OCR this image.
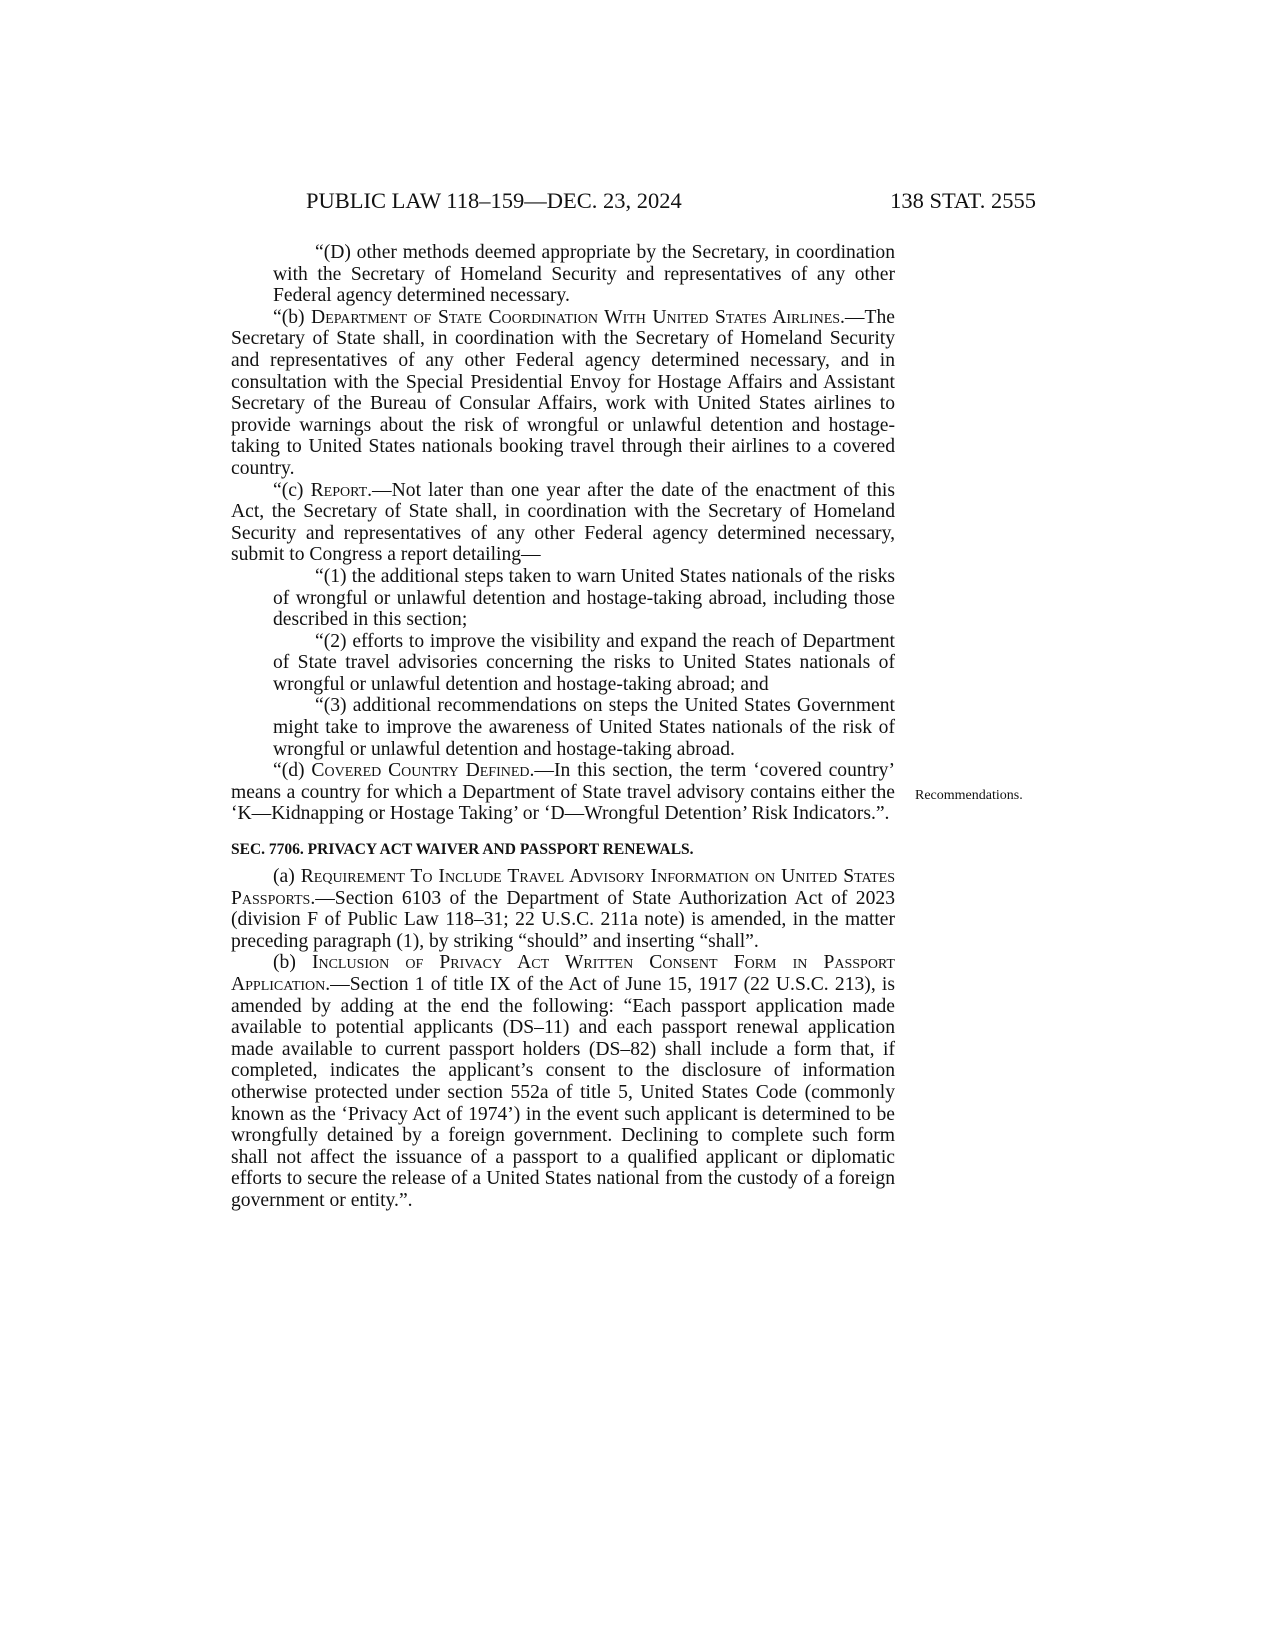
PUBLIC LAW 118–159—DEC. 23, 2024	138 STAT. 2555

“(D) other methods deemed appropriate by the Secretary, in coordination with the Secretary of Homeland Security and representatives of any other Federal agency determined necessary.

“(b) Department of State Coordination With United States Airlines.—The Secretary of State shall, in coordination with the Secretary of Homeland Security and representatives of any other Federal agency determined necessary, and in consultation with the Special Presidential Envoy for Hostage Affairs and Assistant Secretary of the Bureau of Consular Affairs, work with United States airlines to provide warnings about the risk of wrongful or unlawful detention and hostage-taking to United States nationals booking travel through their airlines to a covered country.

“(c) Report.—Not later than one year after the date of the enactment of this Act, the Secretary of State shall, in coordination with the Secretary of Homeland Security and representatives of any other Federal agency determined necessary, submit to Congress a report detailing—

“(1) the additional steps taken to warn United States nationals of the risks of wrongful or unlawful detention and hostage-taking abroad, including those described in this section;

“(2) efforts to improve the visibility and expand the reach of Department of State travel advisories concerning the risks to United States nationals of wrongful or unlawful detention and hostage-taking abroad; and

“(3) additional recommendations on steps the United States Government might take to improve the awareness of United States nationals of the risk of wrongful or unlawful detention and hostage-taking abroad.

“(d) Covered Country Defined.—In this section, the term ‘covered country’ means a country for which a Department of State travel advisory contains either the ‘K—Kidnapping or Hostage Taking’ or ‘D—Wrongful Detention’ Risk Indicators.”.

SEC. 7706. PRIVACY ACT WAIVER AND PASSPORT RENEWALS.

(a) Requirement To Include Travel Advisory Information on United States Passports.—Section 6103 of the Department of State Authorization Act of 2023 (division F of Public Law 118–31; 22 U.S.C. 211a note) is amended, in the matter preceding paragraph (1), by striking “should” and inserting “shall”.

(b) Inclusion of Privacy Act Written Consent Form in Passport Application.—Section 1 of title IX of the Act of June 15, 1917 (22 U.S.C. 213), is amended by adding at the end the following: “Each passport application made available to potential applicants (DS–11) and each passport renewal application made available to current passport holders (DS–82) shall include a form that, if completed, indicates the applicant’s consent to the disclosure of information otherwise protected under section 552a of title 5, United States Code (commonly known as the ‘Privacy Act of 1974’) in the event such applicant is determined to be wrongfully detained by a foreign government. Declining to complete such form shall not affect the issuance of a passport to a qualified applicant or diplomatic efforts to secure the release of a United States national from the custody of a foreign government or entity.”.

Recommendations.
